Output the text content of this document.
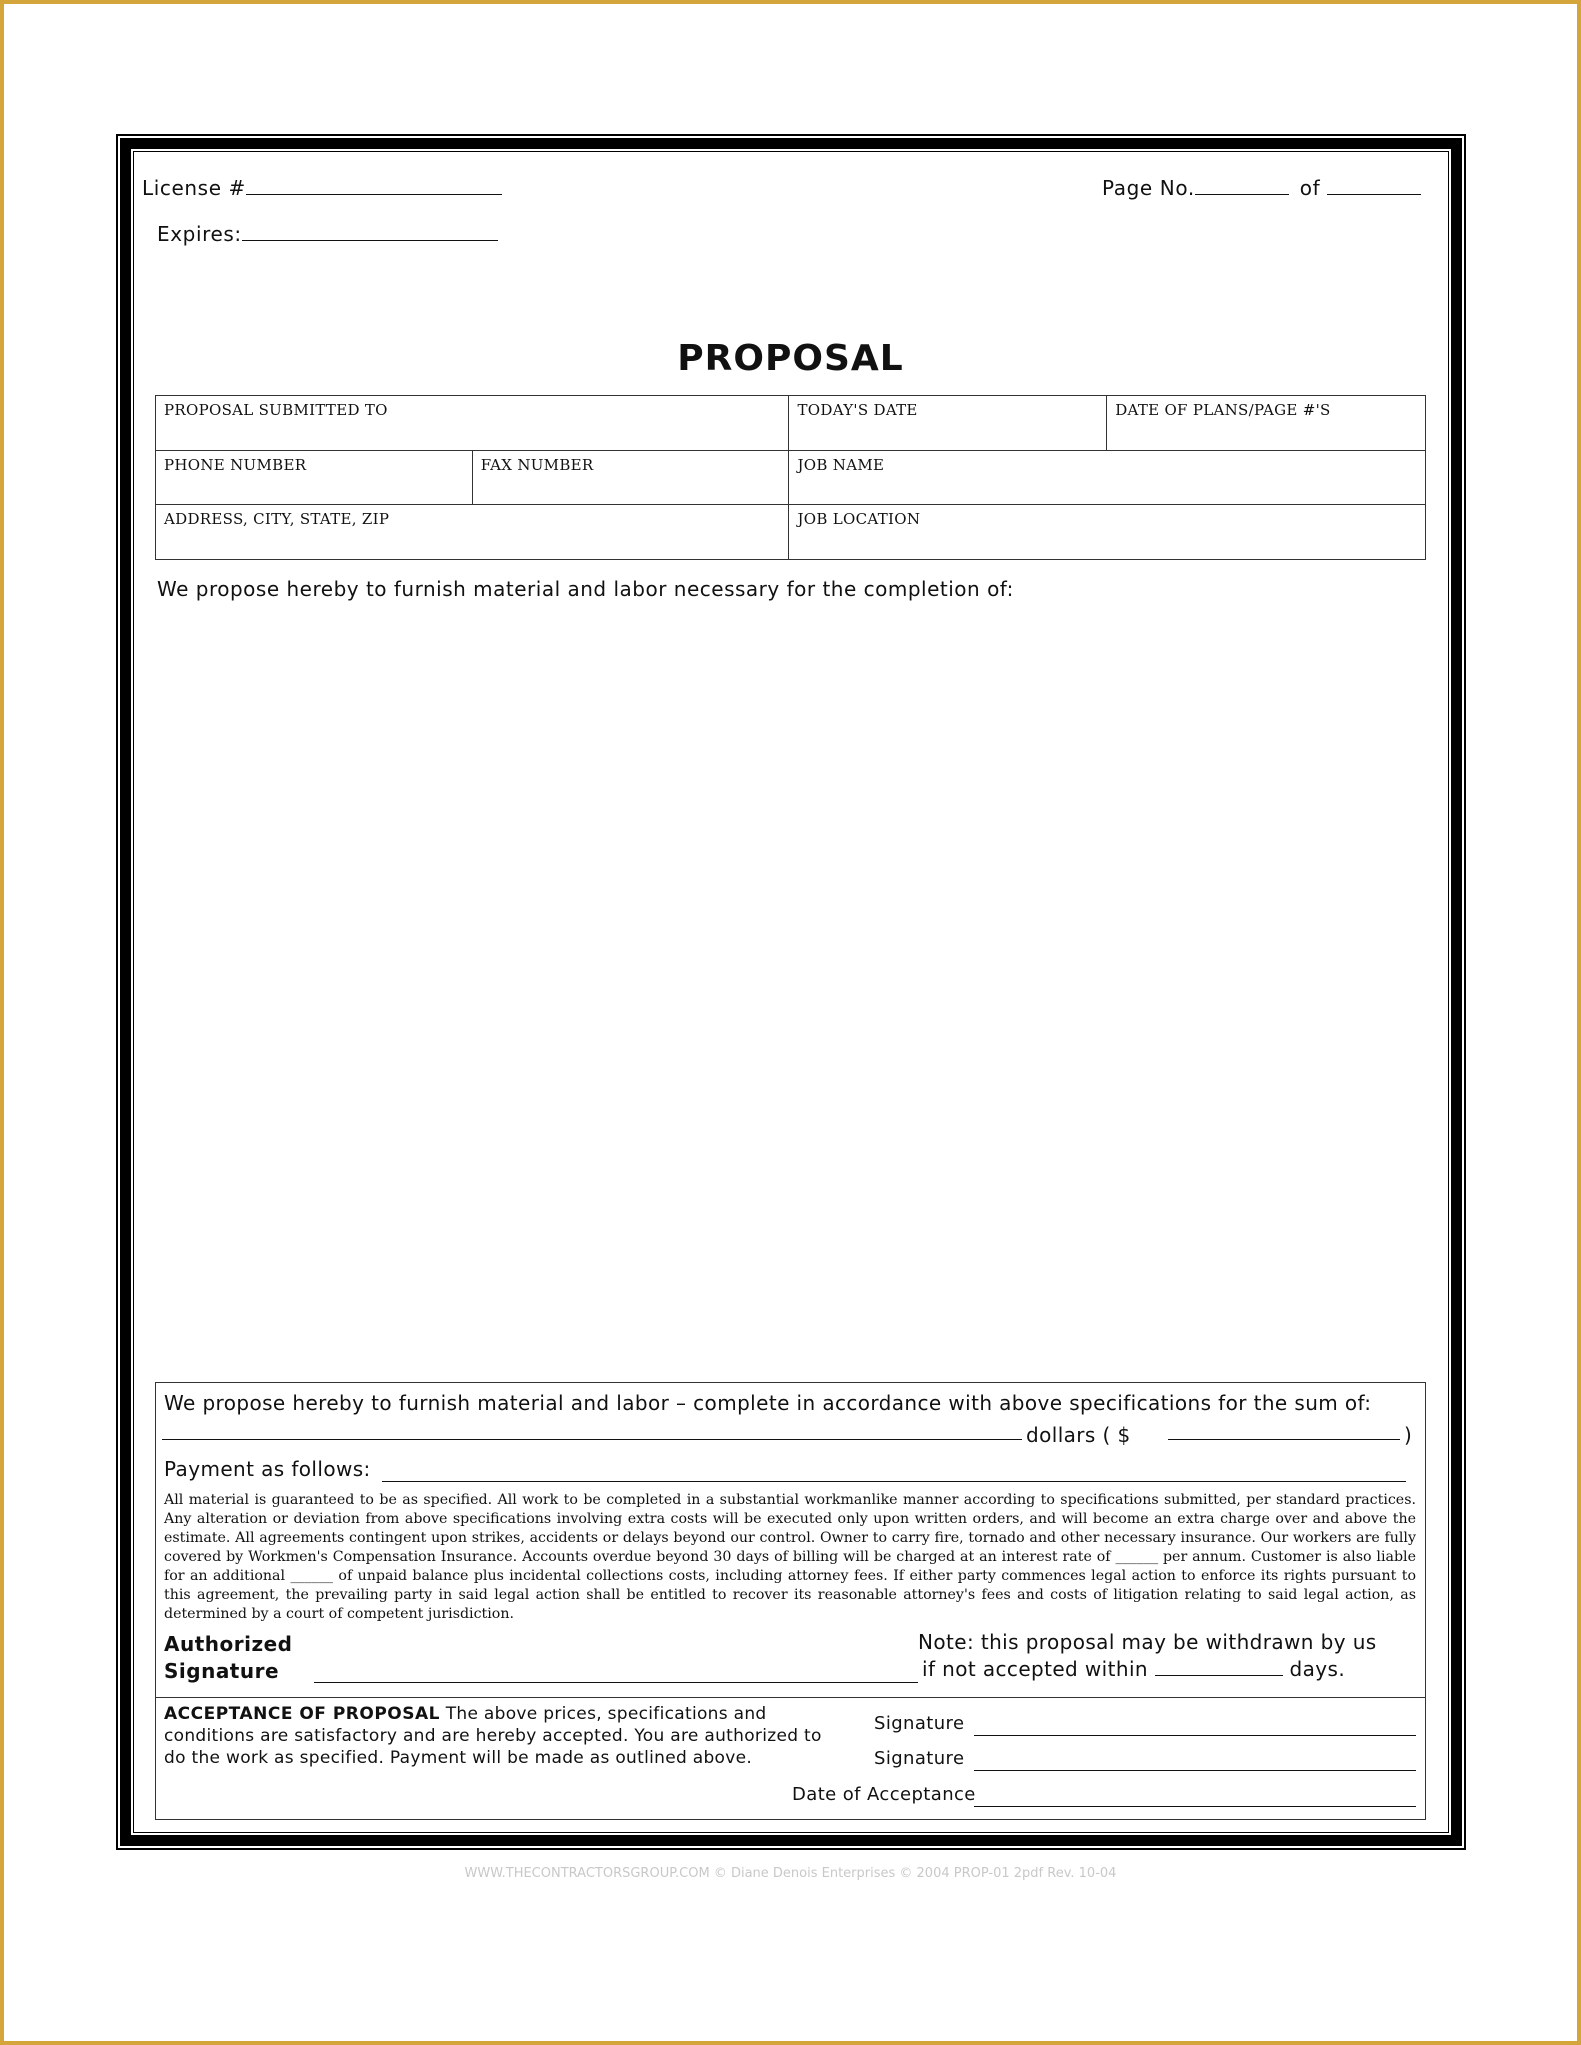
License #
Expires:
Page No.	of
PROPOSAL
PROPOSAL SUBMITTED TO		TODAY'S DATE	DATE OF PLANS/PAGE #'S
PHONE NUMBER	FAX NUMBER	JOB NAME	
ADDRESS, CITY, STATE, ZIP		JOB LOCATION	
We propose hereby to furnish material and labor necessary for the completion of:
We propose hereby to furnish material and labor – complete in accordance with above specifications for the sum of:
dollars ( $	)
Payment as follows:
All material is guaranteed to be as specified. All work to be completed in a substantial workmanlike manner according to specifications submitted, per standard practices. Any alteration or deviation from above specifications involving extra costs will be executed only upon written orders, and will become an extra charge over and above the estimate. All agreements contingent upon strikes, accidents or delays beyond our control. Owner to carry fire, tornado and other necessary insurance. Our workers are fully covered by Workmen's Compensation Insurance. Accounts overdue beyond 30 days of billing will be charged at an interest rate of ______ per annum. Customer is also liable for an additional ______ of unpaid balance plus incidental collections costs, including attorney fees. If either party commences legal action to enforce its rights pursuant to this agreement, the prevailing party in said legal action shall be entitled to recover its reasonable attorney's fees and costs of litigation relating to said legal action, as determined by a court of competent jurisdiction.
Authorized
Signature
Note: this proposal may be withdrawn by us
if not accepted within	days.
ACCEPTANCE OF PROPOSAL The above prices, specifications and conditions are satisfactory and are hereby accepted. You are authorized to do the work as specified. Payment will be made as outlined above.
Signature
Signature
Date of Acceptance
WWW.THECONTRACTORSGROUP.COM © Diane Denois Enterprises © 2004 PROP-01 2pdf Rev. 10-04
